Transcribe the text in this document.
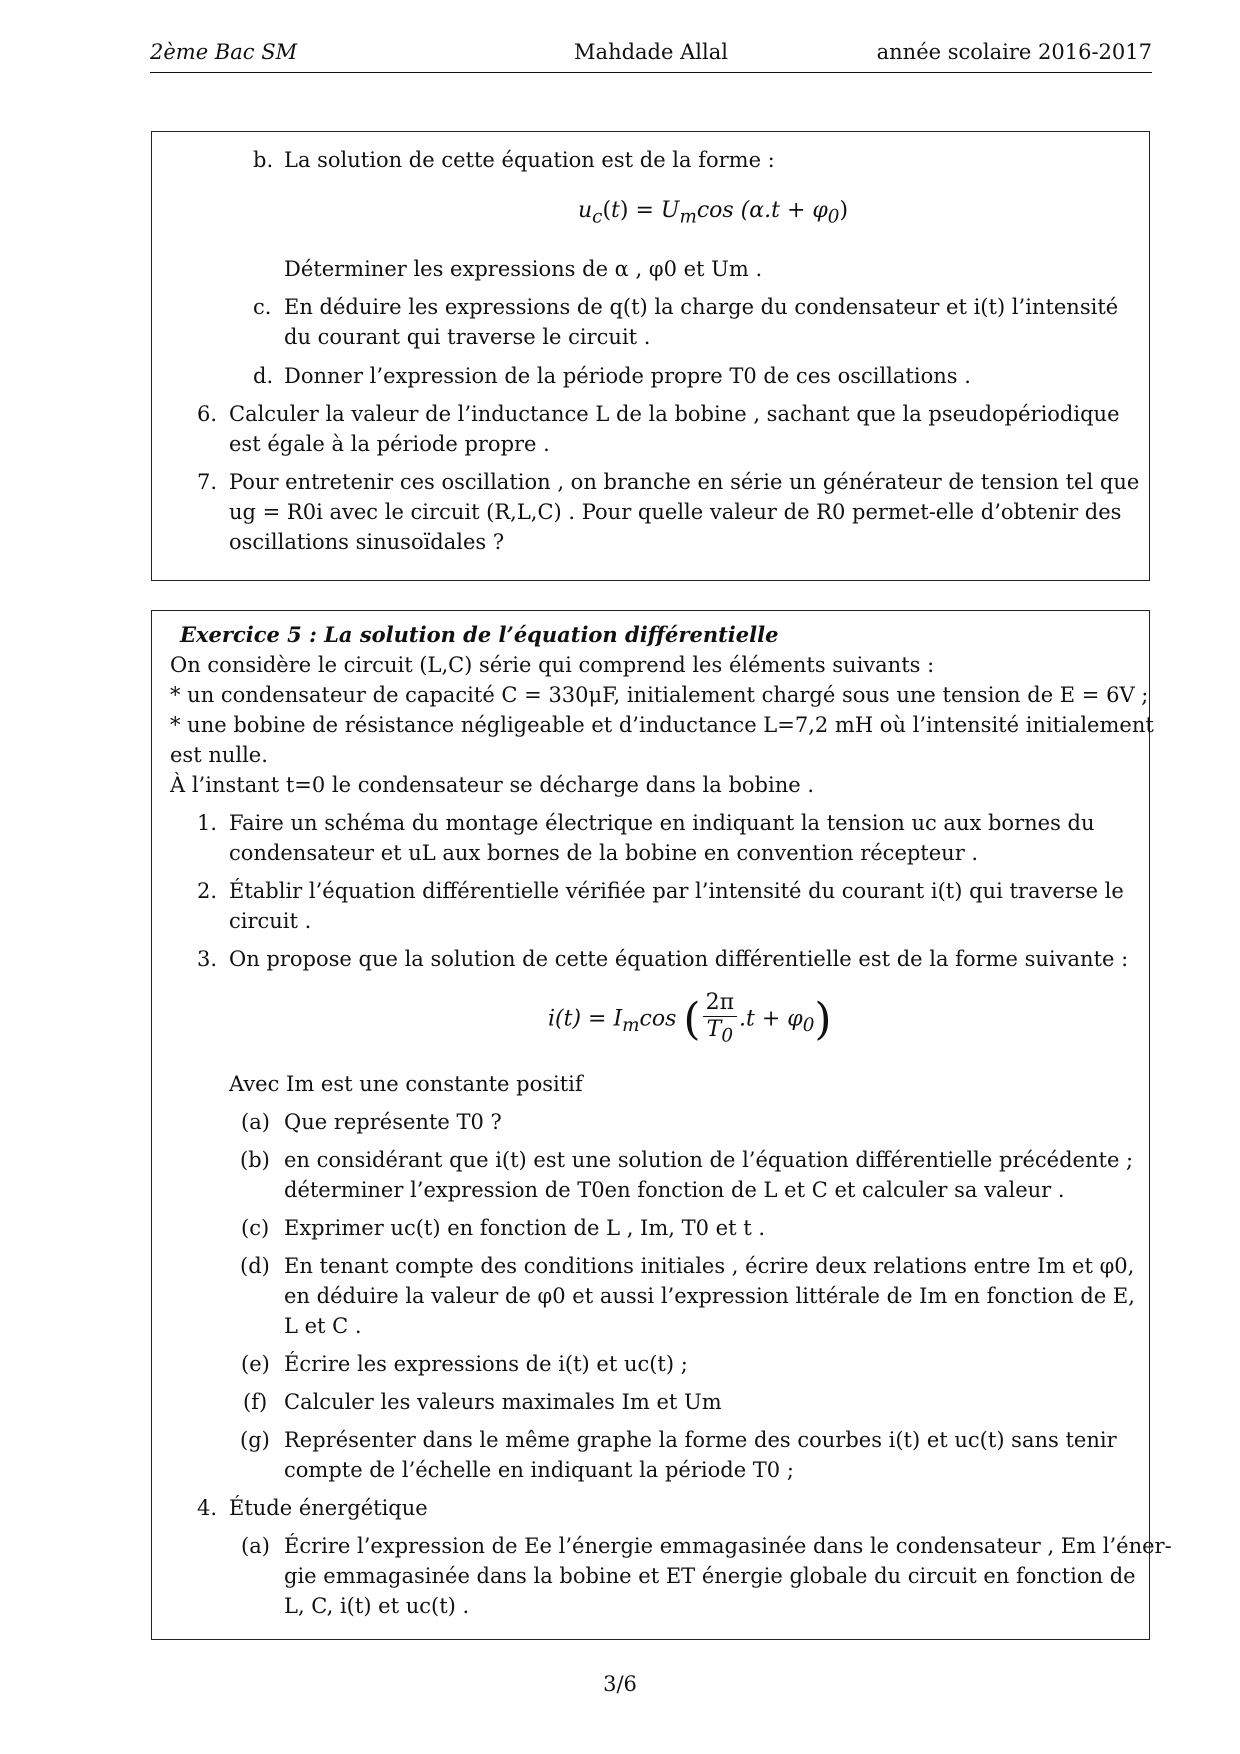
2ème Bac SM	Mahdade Allal	année scolaire 2016-2017
b. La solution de cette équation est de la forme :
$u_c(t) = U_m\cos$ $(\alpha.t + \varphi_0)$
Déterminer les expressions de α , φ0 et Um .
c. En déduire les expressions de q(t) la charge du condensateur et i(t) l’intensité
du courant qui traverse le circuit .
d. Donner l’expression de la période propre T0 de ces oscillations .
6. Calculer la valeur de l’inductance L de la bobine , sachant que la pseudopériodique
est égale à la période propre .
7. Pour entretenir ces oscillation , on branche en série un générateur de tension tel que
ug = R0i avec le circuit (R,L,C) . Pour quelle valeur de R0 permet-elle d’obtenir des
oscillations sinusoïdales ?
Exercice 5 : La solution de l’équation différentielle
On considère le circuit (L,C) série qui comprend les éléments suivants :
* un condensateur de capacité C = 330μF, initialement chargé sous une tension de E = 6V ;
* une bobine de résistance négligeable et d’inductance L=7,2 mH où l’intensité initialement
est nulle.
À l’instant t=0 le condensateur se décharge dans la bobine .
1. Faire un schéma du montage électrique en indiquant la tension uc aux bornes du
condensateur et uL aux bornes de la bobine en convention récepteur .
2. Établir l’équation différentielle vérifiée par l’intensité du courant i(t) qui traverse le
circuit .
3. On propose que la solution de cette équation différentielle est de la forme suivante :
$i(t) = I_m\cos$ ( $\frac{2\pi}{T_0} .t + \varphi_0$)
Avec Im est une constante positif
(a) Que représente T0 ?
(b) en considérant que i(t) est une solution de l’équation différentielle précédente ;
déterminer l’expression de T0en fonction de L et C et calculer sa valeur .
(c) Exprimer uc(t) en fonction de L , Im, T0 et t .
(d) En tenant compte des conditions initiales , écrire deux relations entre Im et φ0,
en déduire la valeur de φ0 et aussi l’expression littérale de Im en fonction de E,
L et C .
(e) Écrire les expressions de i(t) et uc(t) ;
(f) Calculer les valeurs maximales Im et Um
(g) Représenter dans le même graphe la forme des courbes i(t) et uc(t) sans tenir
compte de l’échelle en indiquant la période T0 ;
4. Étude énergétique
(a) Écrire l’expression de Ee l’énergie emmagasinée dans le condensateur , Em l’éner-
gie emmagasinée dans la bobine et ET énergie globale du circuit en fonction de
L, C, i(t) et uc(t) .
3/6
